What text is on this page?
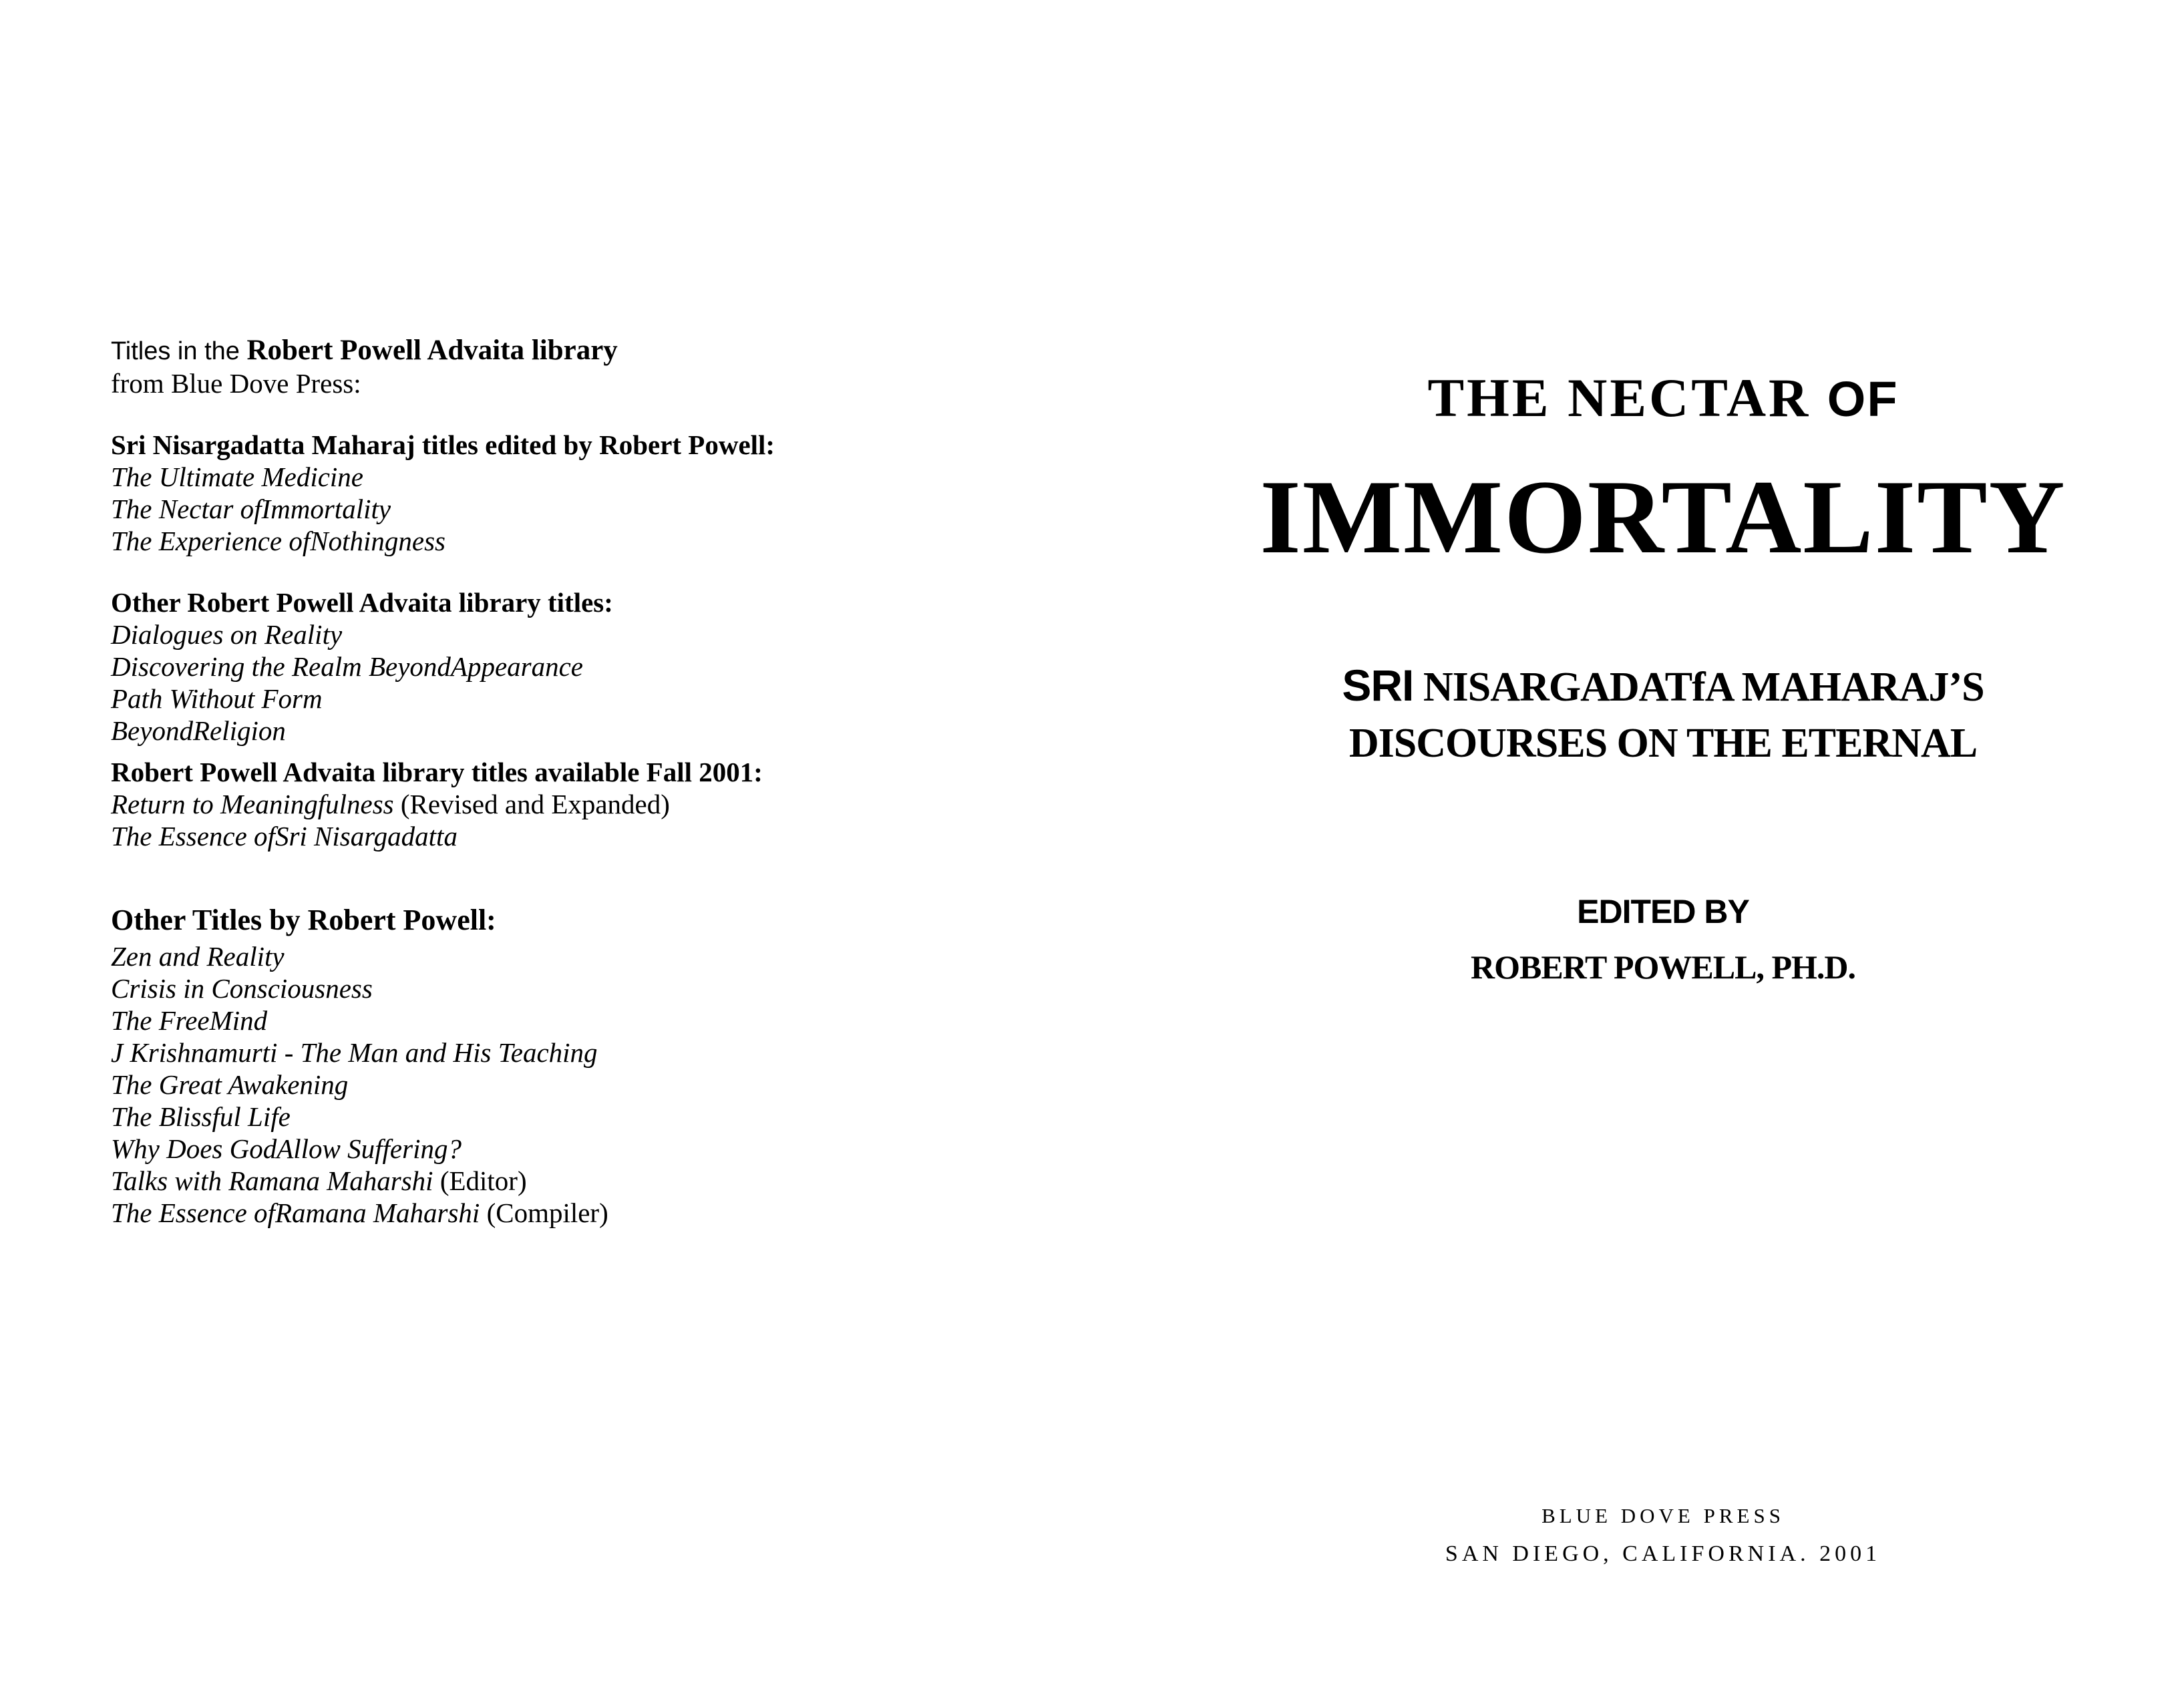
Titles in the Robert Powell Advaita library
from Blue Dove Press:
Sri Nisargadatta Maharaj titles edited by Robert Powell:
The Ultimate Medicine
The Nectar ofImmortality
The Experience ofNothingness
Other Robert Powell Advaita library titles:
Dialogues on Reality
Discovering the Realm BeyondAppearance
Path Without Form
BeyondReligion
Robert Powell Advaita library titles available Fall 2001:
Return to Meaningfulness (Revised and Expanded)
The Essence ofSri Nisargadatta
Other Titles by Robert Powell:
Zen and Reality
Crisis in Consciousness
The FreeMind
J Krishnamurti - The Man and His Teaching
The Great Awakening
The Blissful Life
Why Does GodAllow Suffering?
Talks with Ramana Maharshi (Editor)
The Essence ofRamana Maharshi (Compiler)
THE NECTAR OF
IMMORTALITY
SRI NISARGADATfA MAHARAJ’S
DISCOURSES ON THE ETERNAL
EDITED BY
ROBERT POWELL, PH.D.
BLUE DOVE PRESS
SAN DIEGO, CALIFORNIA. 2001
